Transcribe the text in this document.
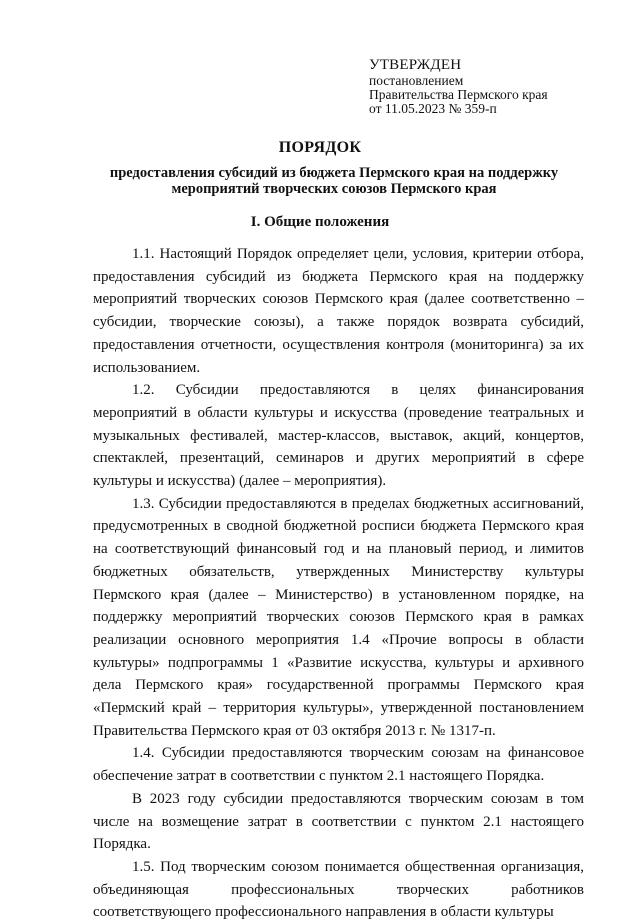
УТВЕРЖДЕН
постановлением
Правительства Пермского края
от 11.05.2023 № 359-п
ПОРЯДОК
предоставления субсидий из бюджета Пермского края на поддержку мероприятий творческих союзов Пермского края
I. Общие положения

1.1. Настоящий Порядок определяет цели, условия, критерии отбора, предоставления субсидий из бюджета Пермского края на поддержку мероприятий творческих союзов Пермского края (далее соответственно – субсидии, творческие союзы), а также порядок возврата субсидий, предоставления отчетности, осуществления контроля (мониторинга) за их использованием.

1.2. Субсидии предоставляются в целях финансирования мероприятий в области культуры и искусства (проведение театральных и музыкальных фестивалей, мастер-классов, выставок, акций, концертов, спектаклей, презентаций, семинаров и других мероприятий в сфере культуры и искусства) (далее – мероприятия).

1.3. Субсидии предоставляются в пределах бюджетных ассигнований, предусмотренных в сводной бюджетной росписи бюджета Пермского края на соответствующий финансовый год и на плановый период, и лимитов бюджетных обязательств, утвержденных Министерству культуры Пермского края (далее – Министерство) в установленном порядке, на поддержку мероприятий творческих союзов Пермского края в рамках реализации основного мероприятия 1.4 «Прочие вопросы в области культуры» подпрограммы 1 «Развитие искусства, культуры и архивного дела Пермского края» государственной программы Пермского края «Пермский край – территория культуры», утвержденной постановлением Правительства Пермского края от 03 октября 2013 г. № 1317-п.

1.4. Субсидии предоставляются творческим союзам на финансовое обеспечение затрат в соответствии с пунктом 2.1 настоящего Порядка.

В 2023 году субсидии предоставляются творческим союзам в том числе на возмещение затрат в соответствии с пунктом 2.1 настоящего Порядка.

1.5. Под творческим союзом понимается общественная организация, объединяющая профессиональных творческих работников соответствующего профессионального направления в области культуры
